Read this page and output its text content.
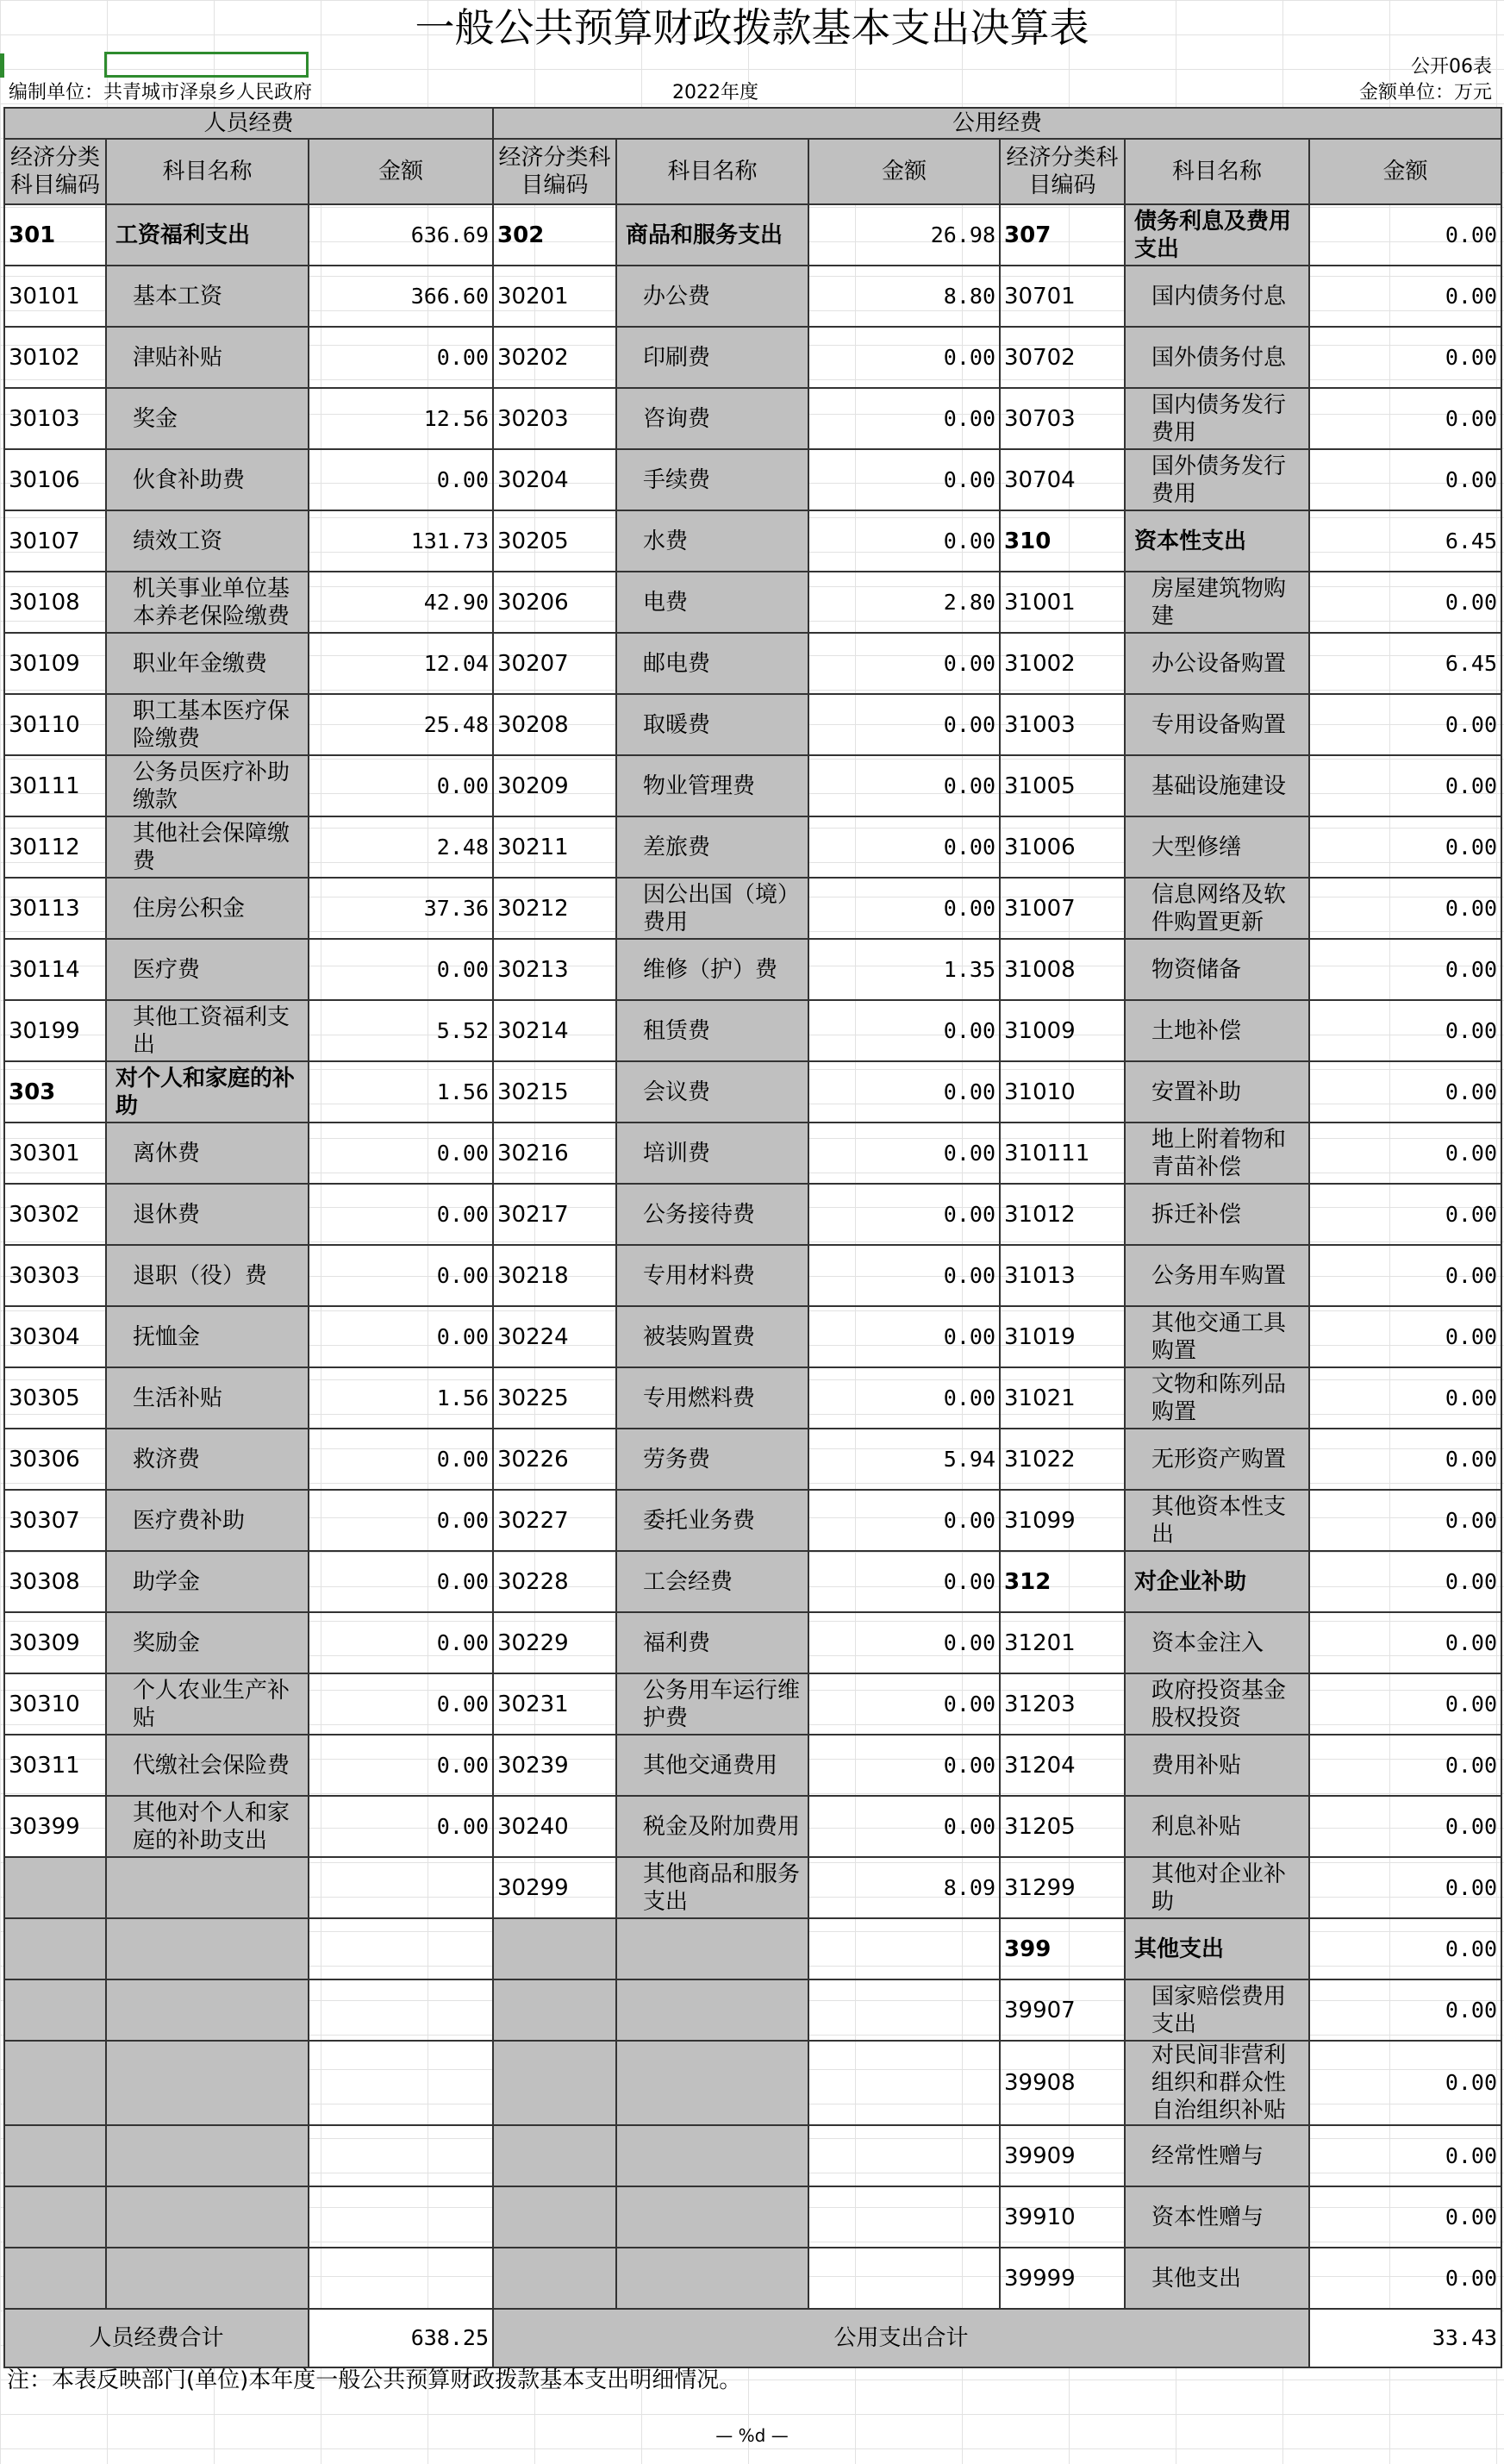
一般公共预算财政拨款基本支出决算表
公开06表
编制单位：共青城市泽泉乡人民政府	2022年度	金额单位：万元
人员经费			公用经费					
经济分类科目编码	科目名称	金额	经济分类科目编码	科目名称	金额	经济分类科目编码	科目名称	金额
301	工资福利支出	636.69	302	商品和服务支出	26.98	307	债务利息及费用支出	0.00
30101	基本工资	366.60	30201	办公费	8.80	30701	国内债务付息	0.00
30102	津贴补贴	0.00	30202	印刷费	0.00	30702	国外债务付息	0.00
30103	奖金	12.56	30203	咨询费	0.00	30703	国内债务发行费用	0.00
30106	伙食补助费	0.00	30204	手续费	0.00	30704	国外债务发行费用	0.00
30107	绩效工资	131.73	30205	水费	0.00	310	资本性支出	6.45
30108	机关事业单位基本养老保险缴费	42.90	30206	电费	2.80	31001	房屋建筑物购建	0.00
30109	职业年金缴费	12.04	30207	邮电费	0.00	31002	办公设备购置	6.45
30110	职工基本医疗保险缴费	25.48	30208	取暖费	0.00	31003	专用设备购置	0.00
30111	公务员医疗补助缴款	0.00	30209	物业管理费	0.00	31005	基础设施建设	0.00
30112	其他社会保障缴费	2.48	30211	差旅费	0.00	31006	大型修缮	0.00
30113	住房公积金	37.36	30212	因公出国（境）费用	0.00	31007	信息网络及软件购置更新	0.00
30114	医疗费	0.00	30213	维修（护）费	1.35	31008	物资储备	0.00
30199	其他工资福利支出	5.52	30214	租赁费	0.00	31009	土地补偿	0.00
303	对个人和家庭的补助	1.56	30215	会议费	0.00	31010	安置补助	0.00
30301	离休费	0.00	30216	培训费	0.00	310111	地上附着物和青苗补偿	0.00
30302	退休费	0.00	30217	公务接待费	0.00	31012	拆迁补偿	0.00
30303	退职（役）费	0.00	30218	专用材料费	0.00	31013	公务用车购置	0.00
30304	抚恤金	0.00	30224	被装购置费	0.00	31019	其他交通工具购置	0.00
30305	生活补贴	1.56	30225	专用燃料费	0.00	31021	文物和陈列品购置	0.00
30306	救济费	0.00	30226	劳务费	5.94	31022	无形资产购置	0.00
30307	医疗费补助	0.00	30227	委托业务费	0.00	31099	其他资本性支出	0.00
30308	助学金	0.00	30228	工会经费	0.00	312	对企业补助	0.00
30309	奖励金	0.00	30229	福利费	0.00	31201	资本金注入	0.00
30310	个人农业生产补贴	0.00	30231	公务用车运行维护费	0.00	31203	政府投资基金股权投资	0.00
30311	代缴社会保险费	0.00	30239	其他交通费用	0.00	31204	费用补贴	0.00
30399	其他对个人和家庭的补助支出	0.00	30240	税金及附加费用	0.00	31205	利息补贴	0.00
			30299	其他商品和服务支出	8.09	31299	其他对企业补助	0.00
						399	其他支出	0.00
						39907	国家赔偿费用支出	0.00
						39908	对民间非营利组织和群众性自治组织补贴	0.00
						39909	经常性赠与	0.00
						39910	资本性赠与	0.00
						39999	其他支出	0.00
人员经费合计		638.25	公用支出合计					33.43
注：本表反映部门(单位)本年度一般公共预算财政拨款基本支出明细情况。
— %d —
